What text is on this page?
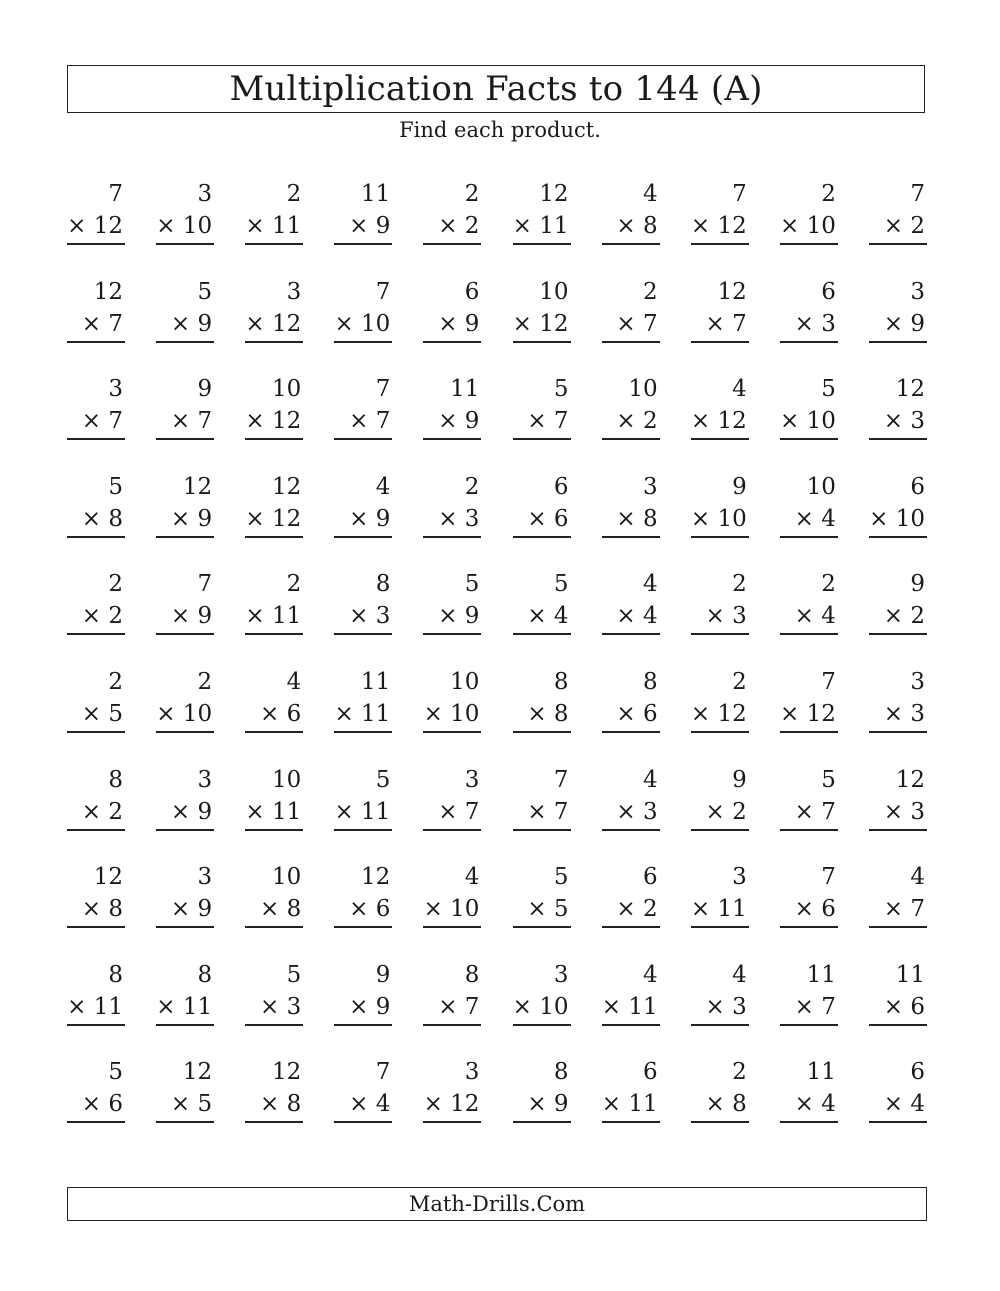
Multiplication Facts to 144 (A)
Find each product.
7
× 12
3
× 10
2
× 11
11
× 9
2
× 2
12
× 11
4
× 8
7
× 12
2
× 10
7
× 2
12
× 7
5
× 9
3
× 12
7
× 10
6
× 9
10
× 12
2
× 7
12
× 7
6
× 3
3
× 9
3
× 7
9
× 7
10
× 12
7
× 7
11
× 9
5
× 7
10
× 2
4
× 12
5
× 10
12
× 3
5
× 8
12
× 9
12
× 12
4
× 9
2
× 3
6
× 6
3
× 8
9
× 10
10
× 4
6
× 10
2
× 2
7
× 9
2
× 11
8
× 3
5
× 9
5
× 4
4
× 4
2
× 3
2
× 4
9
× 2
2
× 5
2
× 10
4
× 6
11
× 11
10
× 10
8
× 8
8
× 6
2
× 12
7
× 12
3
× 3
8
× 2
3
× 9
10
× 11
5
× 11
3
× 7
7
× 7
4
× 3
9
× 2
5
× 7
12
× 3
12
× 8
3
× 9
10
× 8
12
× 6
4
× 10
5
× 5
6
× 2
3
× 11
7
× 6
4
× 7
8
× 11
8
× 11
5
× 3
9
× 9
8
× 7
3
× 10
4
× 11
4
× 3
11
× 7
11
× 6
5
× 6
12
× 5
12
× 8
7
× 4
3
× 12
8
× 9
6
× 11
2
× 8
11
× 4
6
× 4
Math-Drills.Com
